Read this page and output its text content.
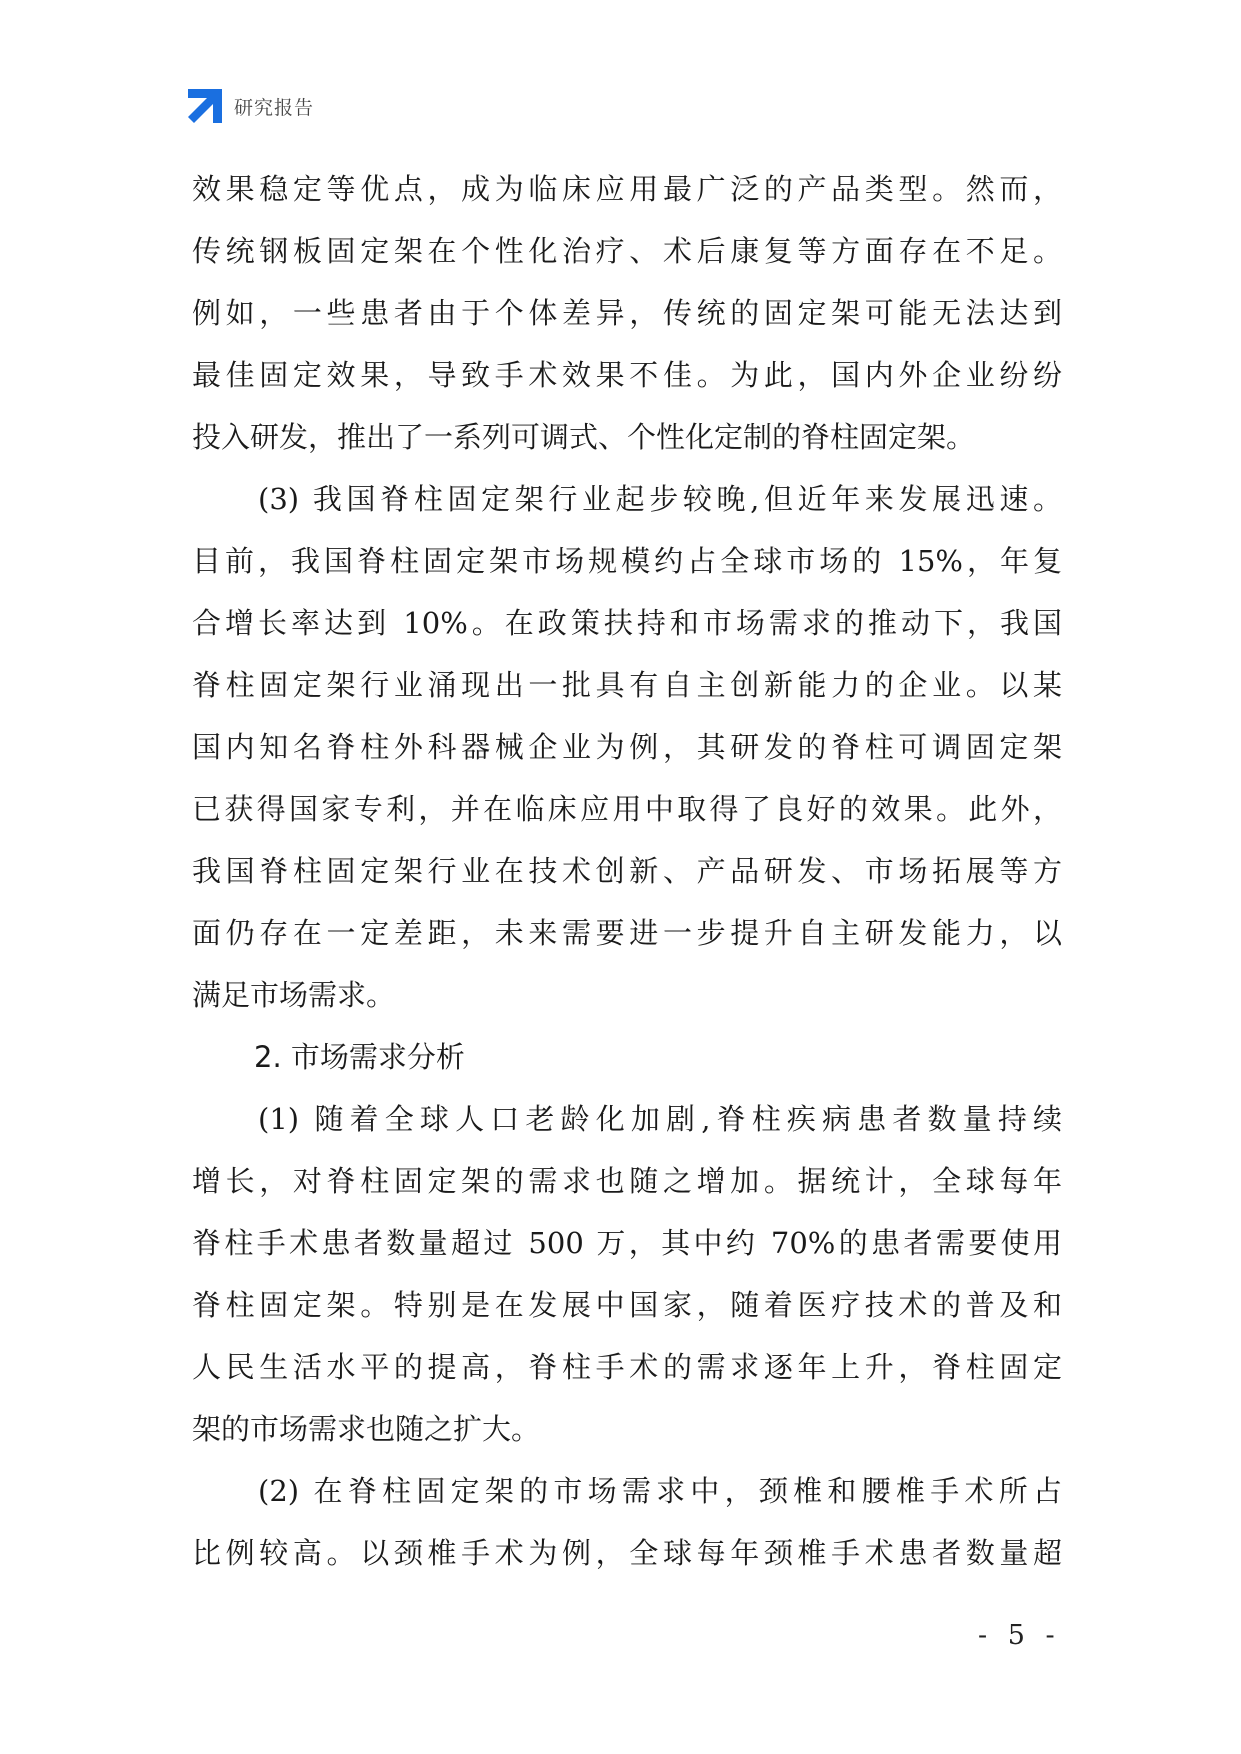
研究报告
效果稳定等优点，成为临床应用最广泛的产品类型。然而，
传统钢板固定架在个性化治疗、术后康复等方面存在不足。
例如，一些患者由于个体差异，传统的固定架可能无法达到
最佳固定效果，导致手术效果不佳。为此，国内外企业纷纷
投入研发，推出了一系列可调式、个性化定制的脊柱固定架。
(3) 我国脊柱固定架行业起步较晚,但近年来发展迅速。
目前，我国脊柱固定架市场规模约占全球市场的 15%，年复
合增长率达到 10%。在政策扶持和市场需求的推动下，我国
脊柱固定架行业涌现出一批具有自主创新能力的企业。以某
国内知名脊柱外科器械企业为例，其研发的脊柱可调固定架
已获得国家专利，并在临床应用中取得了良好的效果。此外，
我国脊柱固定架行业在技术创新、产品研发、市场拓展等方
面仍存在一定差距，未来需要进一步提升自主研发能力，以
满足市场需求。
2. 市场需求分析
(1) 随着全球人口老龄化加剧,脊柱疾病患者数量持续
增长，对脊柱固定架的需求也随之增加。据统计，全球每年
脊柱手术患者数量超过 500 万，其中约 70%的患者需要使用
脊柱固定架。特别是在发展中国家，随着医疗技术的普及和
人民生活水平的提高，脊柱手术的需求逐年上升，脊柱固定
架的市场需求也随之扩大。
(2) 在脊柱固定架的市场需求中，颈椎和腰椎手术所占
比例较高。以颈椎手术为例，全球每年颈椎手术患者数量超
- 5 -
